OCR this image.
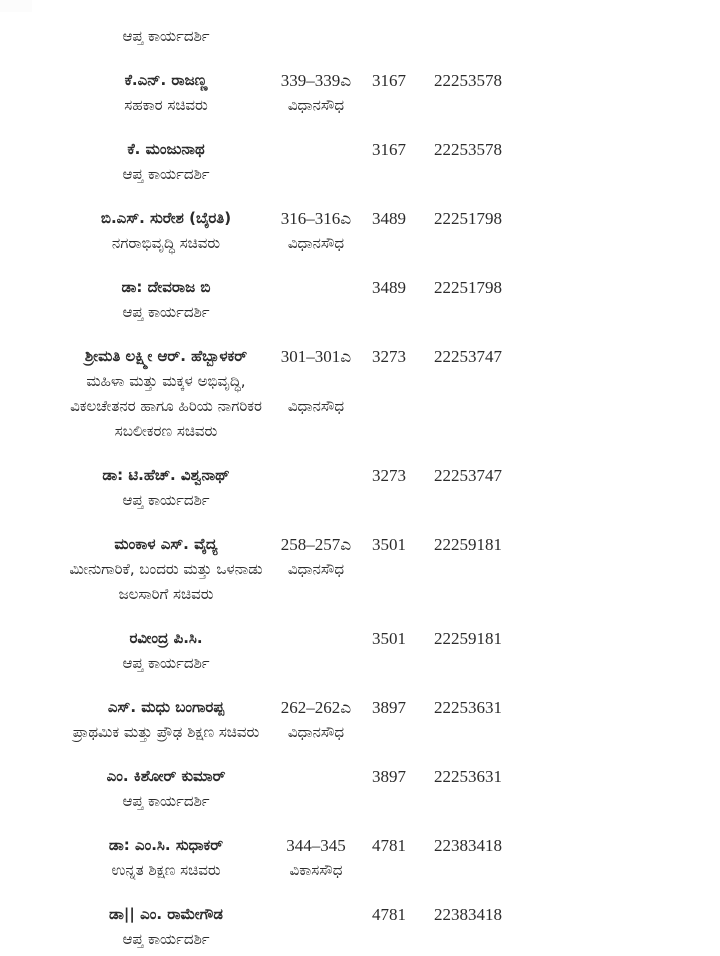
ಆಪ್ತ ಕಾರ್ಯದರ್ಶಿ
ಕೆ.ಎನ್. ರಾಜಣ್ಣ
ಸಹಕಾರ ಸಚಿವರು
339–339ಎ
ವಿಧಾನಸೌಧ
3167	22253578
ಕೆ. ಮಂಜುನಾಥ
ಆಪ್ತ ಕಾರ್ಯದರ್ಶಿ
3167	22253578
ಬಿ.ಎಸ್. ಸುರೇಶ (ಬೈರತಿ)
ನಗರಾಭಿವೃದ್ಧಿ ಸಚಿವರು
316–316ಎ
ವಿಧಾನಸೌಧ
3489	22251798
ಡಾ: ದೇವರಾಜ ಬಿ
ಆಪ್ತ ಕಾರ್ಯದರ್ಶಿ
3489	22251798
ಶ್ರೀಮತಿ ಲಕ್ಷ್ಮೀ ಆರ್. ಹೆಬ್ಬಾಳಕರ್
ಮಹಿಳಾ ಮತ್ತು ಮಕ್ಕಳ ಅಭಿವೃದ್ಧಿ,
ವಿಕಲಚೇತನರ ಹಾಗೂ ಹಿರಿಯ ನಾಗರಿಕರ
ಸಬಲೀಕರಣ ಸಚಿವರು
301–301ಎ
ವಿಧಾನಸೌಧ
3273	22253747
ಡಾ: ಟಿ.ಹೆಚ್. ವಿಶ್ವನಾಥ್
ಆಪ್ತ ಕಾರ್ಯದರ್ಶಿ
3273	22253747
ಮಂಕಾಳ ಎಸ್. ವೈದ್ಯ
ಮೀನುಗಾರಿಕೆ, ಬಂದರು ಮತ್ತು ಒಳನಾಡು
ಜಲಸಾರಿಗೆ ಸಚಿವರು
258–257ಎ
ವಿಧಾನಸೌಧ
3501	22259181
ರವೀಂದ್ರ ಪಿ.ಸಿ.
ಆಪ್ತ ಕಾರ್ಯದರ್ಶಿ
3501	22259181
ಎಸ್. ಮಧು ಬಂಗಾರಪ್ಪ
ಪ್ರಾಥಮಿಕ ಮತ್ತು ಪ್ರೌಢ ಶಿಕ್ಷಣ ಸಚಿವರು
262–262ಎ
ವಿಧಾನಸೌಧ
3897	22253631
ಎಂ. ಕಿಶೋರ್ ಕುಮಾರ್
ಆಪ್ತ ಕಾರ್ಯದರ್ಶಿ
3897	22253631
ಡಾ: ಎಂ.ಸಿ. ಸುಧಾಕರ್
ಉನ್ನತ ಶಿಕ್ಷಣ ಸಚಿವರು
344–345
ವಿಕಾಸಸೌಧ
4781	22383418
ಡಾ|| ಎಂ. ರಾಮೇಗೌಡ
ಆಪ್ತ ಕಾರ್ಯದರ್ಶಿ
4781	22383418
